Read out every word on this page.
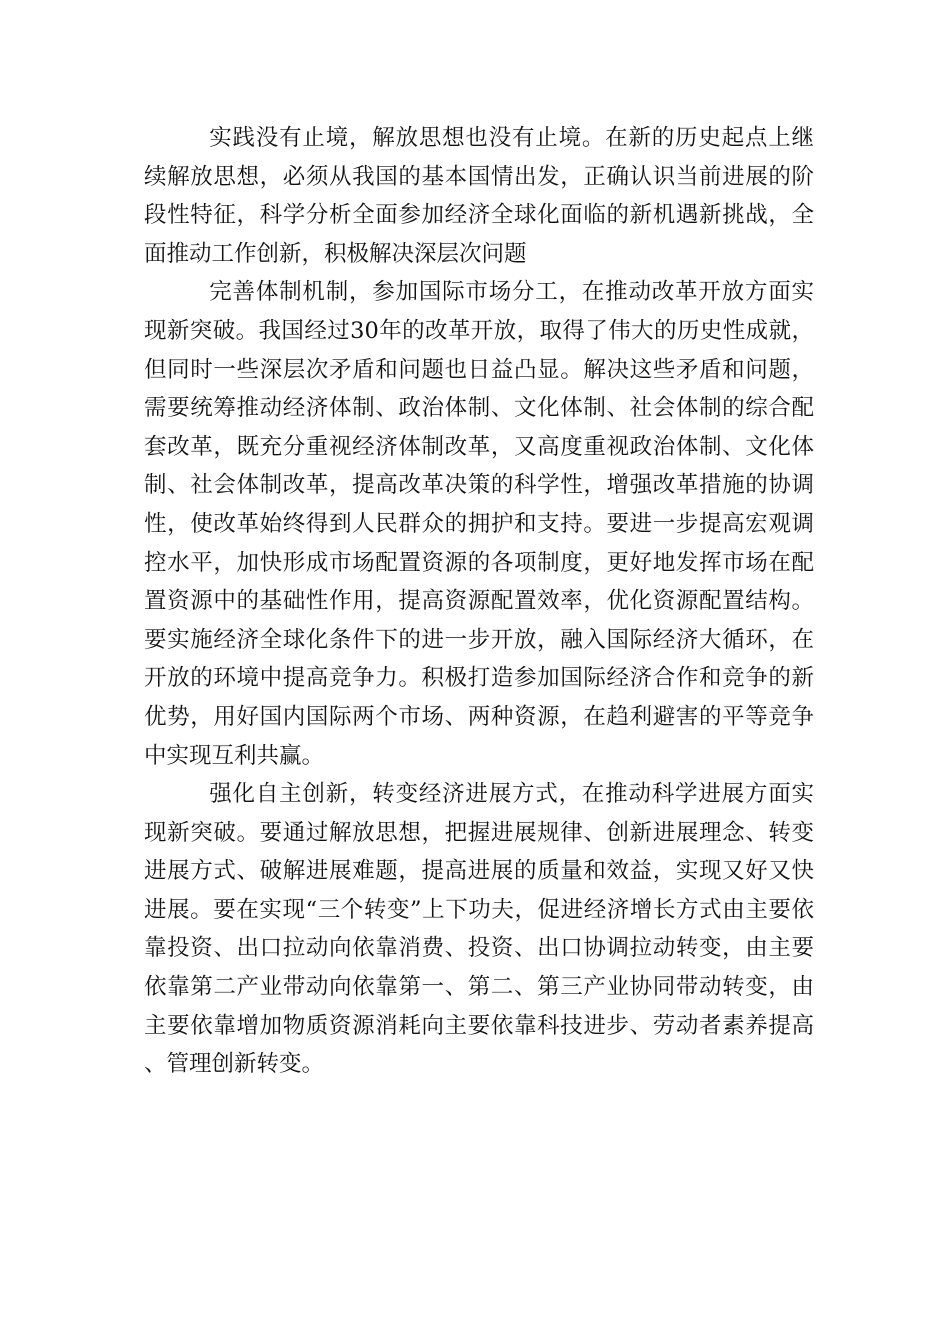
实践没有止境，解放思想也没有止境。在新的历史起点上继续解放思想，必须从我国的基本国情出发，正确认识当前进展的阶段性特征，科学分析全面参加经济全球化面临的新机遇新挑战，全面推动工作创新，积极解决深层次问题

完善体制机制，参加国际市场分工，在推动改革开放方面实现新突破。我国经过30年的改革开放，取得了伟大的历史性成就，但同时一些深层次矛盾和问题也日益凸显。解决这些矛盾和问题，需要统筹推动经济体制、政治体制、文化体制、社会体制的综合配套改革，既充分重视经济体制改革，又高度重视政治体制、文化体制、社会体制改革，提高改革决策的科学性，增强改革措施的协调性，使改革始终得到人民群众的拥护和支持。要进一步提高宏观调控水平，加快形成市场配置资源的各项制度，更好地发挥市场在配置资源中的基础性作用，提高资源配置效率，优化资源配置结构。要实施经济全球化条件下的进一步开放，融入国际经济大循环，在开放的环境中提高竞争力。积极打造参加国际经济合作和竞争的新优势，用好国内国际两个市场、两种资源，在趋利避害的平等竞争中实现互利共赢。

强化自主创新，转变经济进展方式，在推动科学进展方面实现新突破。要通过解放思想，把握进展规律、创新进展理念、转变进展方式、破解进展难题，提高进展的质量和效益，实现又好又快进展。要在实现“三个转变”上下功夫，促进经济增长方式由主要依靠投资、出口拉动向依靠消费、投资、出口协调拉动转变，由主要依靠第二产业带动向依靠第一、第二、第三产业协同带动转变，由主要依靠增加物质资源消耗向主要依靠科技进步、劳动者素养提高、管理创新转变。
